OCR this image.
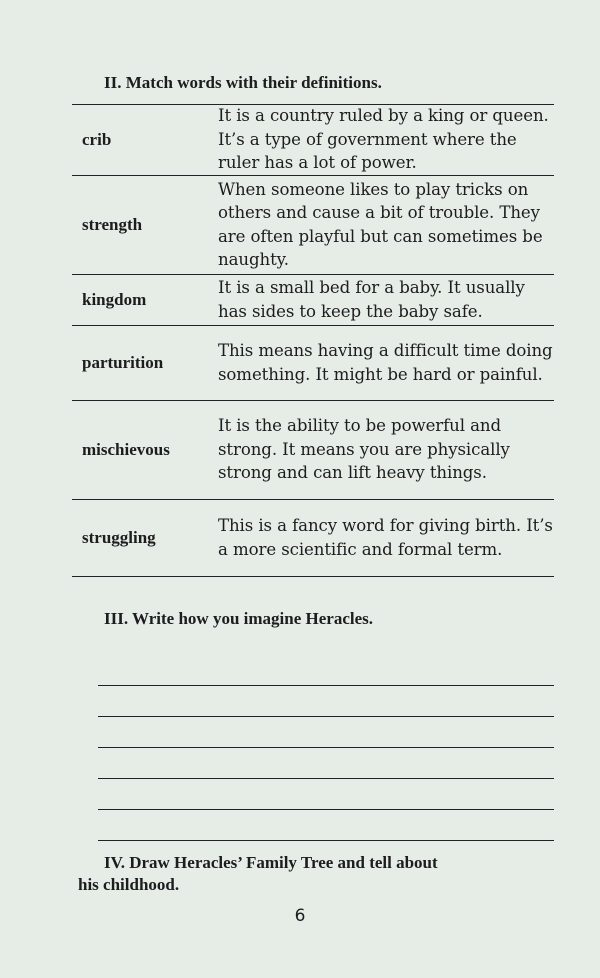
II. Match words with their definitions.
crib
It is a country ruled by a king or queen. It’s a type of government where the ruler has a lot of power.
strength
When someone likes to play tricks on others and cause a bit of trouble. They are often playful but can sometimes be naughty.
kingdom
It is a small bed for a baby. It usually has sides to keep the baby safe.
parturition
This means having a difficult time doing something. It might be hard or painful.
mischievous
It is the ability to be powerful and strong. It means you are physically strong and can lift heavy things.
struggling
This is a fancy word for giving birth. It’s a more scientific and formal term.
III. Write how you imagine Heracles.
IV. Draw Heracles’ Family Tree and tell about
his childhood.
6
